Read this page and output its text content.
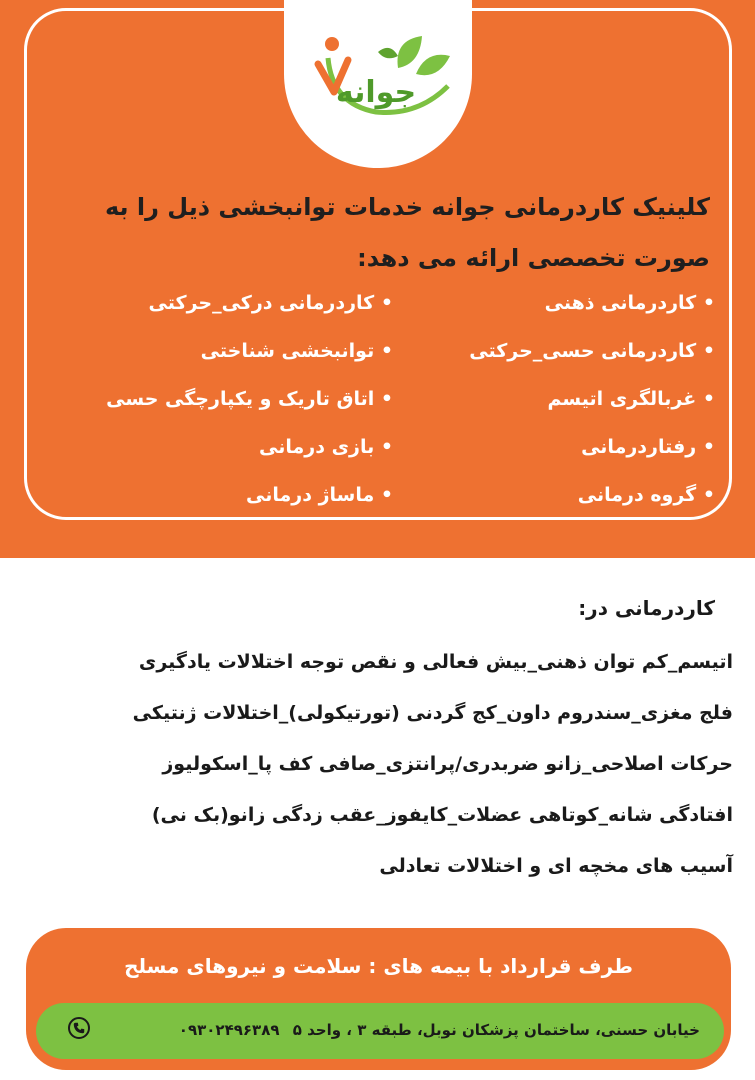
جوانه

کلینیک کاردرمانی جوانه خدمات توانبخشی ذیل را به
صورت تخصصی ارائه می دهد:

• کاردرمانی ذهنی
• کاردرمانی حسی_حرکتی
• غربالگری اتیسم
• رفتاردرمانی
• گروه درمانی
• کاردرمانی درکی_حرکتی
• توانبخشی شناختی
• اتاق تاریک و یکپارچگی حسی
• بازی درمانی
• ماساژ درمانی
کاردرمانی در:
اتیسم_کم توان ذهنی_بیش فعالی و نقص توجه اختلالات یادگیری
فلج مغزی_سندروم داون_کج گردنی (تورتیکولی)_اختلالات ژنتیکی
حرکات اصلاحی_زانو ضربدری/پرانتزی_صافی کف پا_اسکولیوز
افتادگی شانه_کوتاهی عضلات_کایفوز_عقب زدگی زانو(بک نی)
آسیب های مخچه ای و اختلالات تعادلی
طرف قرارداد با بیمه های : سلامت و نیروهای مسلح
خیابان حسنی، ساختمان پزشکان نوبل، طبقه ۳ ، واحد ۵ ۰۹۳۰۲۴۹۶۳۸۹
